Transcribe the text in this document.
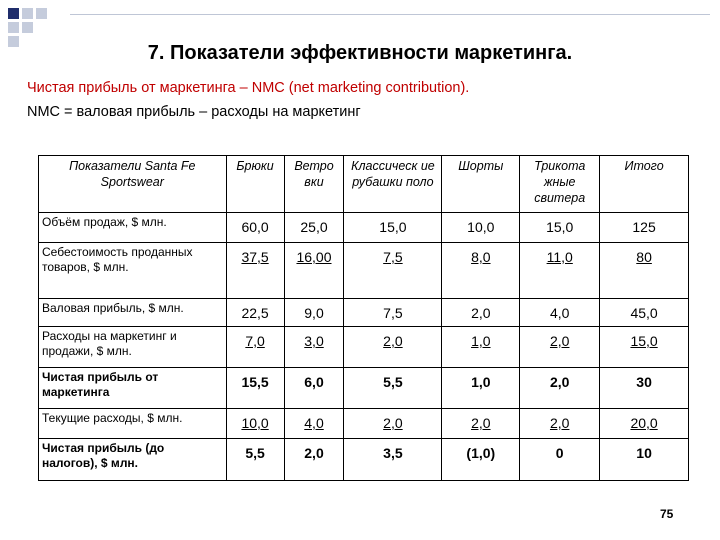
7. Показатели эффективности маркетинга.
Чистая прибыль от маркетинга – NMC (net marketing contribution).
NMC = валовая прибыль – расходы на маркетинг
Показатели Santa Fe Sportswear	Брюки	Ветро вки	Классическ ие рубашки поло	Шорты	Трикота жные свитера	Итого
Объём продаж, $ млн.	60,0	25,0	15,0	10,0	15,0	125
Себестоимость проданных товаров, $ млн.	37,5	16,00	7,5	8,0	11,0	80
Валовая прибыль, $ млн.	22,5	9,0	7,5	2,0	4,0	45,0
Расходы на маркетинг и продажи, $ млн.	7,0	3,0	2,0	1,0	2,0	15,0
Чистая прибыль от маркетинга	15,5	6,0	5,5	1,0	2,0	30
Текущие расходы, $ млн.	10,0	4,0	2,0	2,0	2,0	20,0
Чистая прибыль (до налогов), $ млн.	5,5	2,0	3,5	(1,0)	0	10
75
